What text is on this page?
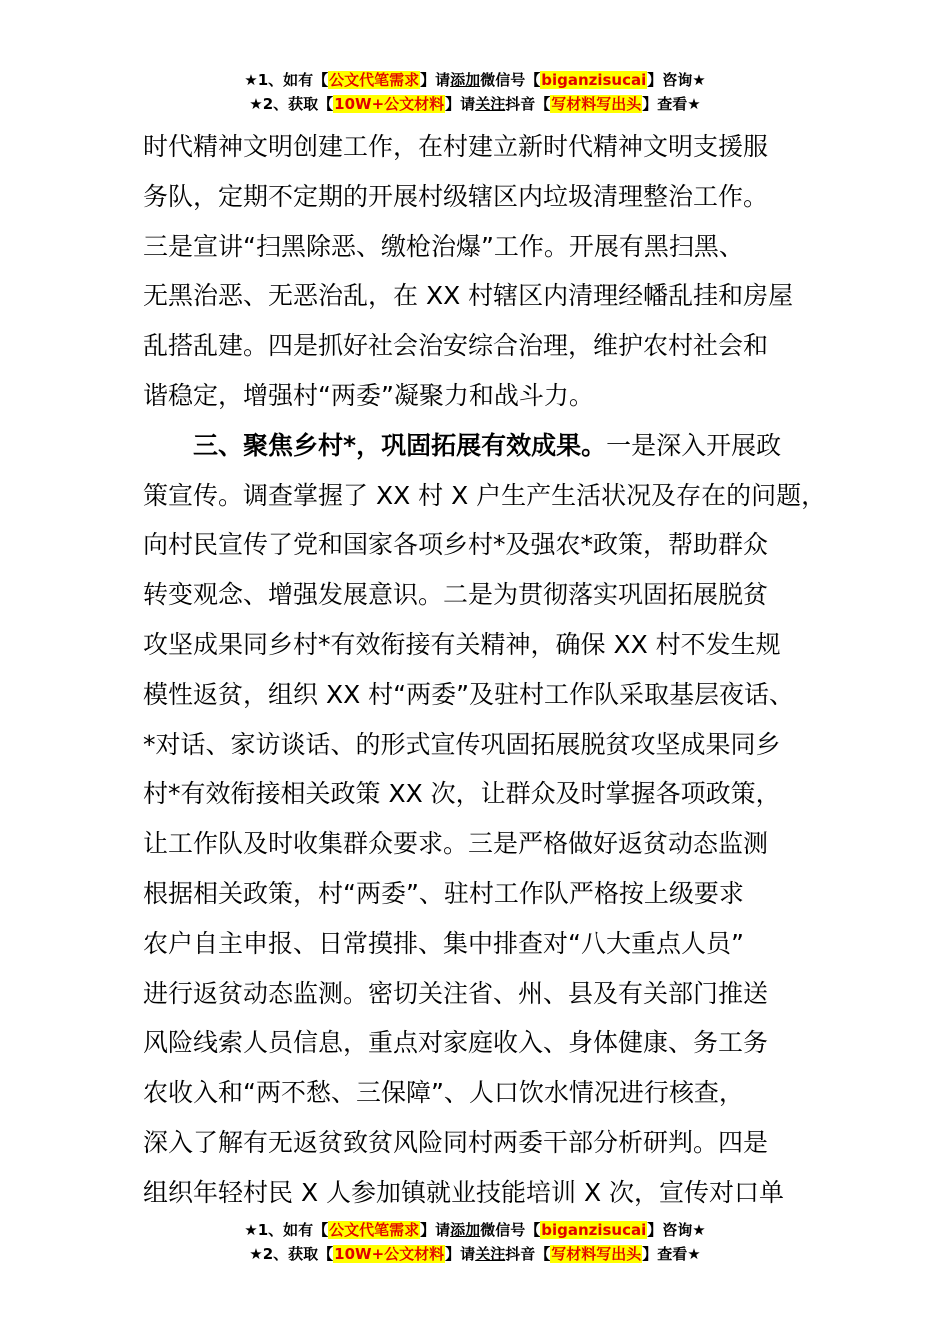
★1、如有【公文代笔需求】请添加微信号【biganzisucai】咨询★
★2、获取【10W+公文材料】请关注抖音【写材料写出头】查看★

时代精神文明创建工作，在村建立新时代精神文明支援服
务队，定期不定期的开展村级辖区内垃圾清理整治工作。
三是宣讲“扫黑除恶、缴枪治爆”工作。开展有黑扫黑、
无黑治恶、无恶治乱，在 XX 村辖区内清理经幡乱挂和房屋
乱搭乱建。四是抓好社会治安综合治理，维护农村社会和
谐稳定，增强村“两委”凝聚力和战斗力。

三、聚焦乡村*，巩固拓展有效成果。一是深入开展政
策宣传。调查掌握了 XX 村 X 户生产生活状况及存在的问题，
向村民宣传了党和国家各项乡村*及强农*政策，帮助群众
转变观念、增强发展意识。二是为贯彻落实巩固拓展脱贫
攻坚成果同乡村*有效衔接有关精神，确保 XX 村不发生规
模性返贫，组织 XX 村“两委”及驻村工作队采取基层夜话、
*对话、家访谈话、的形式宣传巩固拓展脱贫攻坚成果同乡
村*有效衔接相关政策 XX 次，让群众及时掌握各项政策，
让工作队及时收集群众要求。三是严格做好返贫动态监测
根据相关政策，村“两委”、驻村工作队严格按上级要求
农户自主申报、日常摸排、集中排查对“八大重点人员”
进行返贫动态监测。密切关注省、州、县及有关部门推送
风险线索人员信息，重点对家庭收入、身体健康、务工务
农收入和“两不愁、三保障”、人口饮水情况进行核查，
深入了解有无返贫致贫风险同村两委干部分析研判。四是
组织年轻村民 X 人参加镇就业技能培训 X 次，宣传对口单

★1、如有【公文代笔需求】请添加微信号【biganzisucai】咨询★
★2、获取【10W+公文材料】请关注抖音【写材料写出头】查看★
